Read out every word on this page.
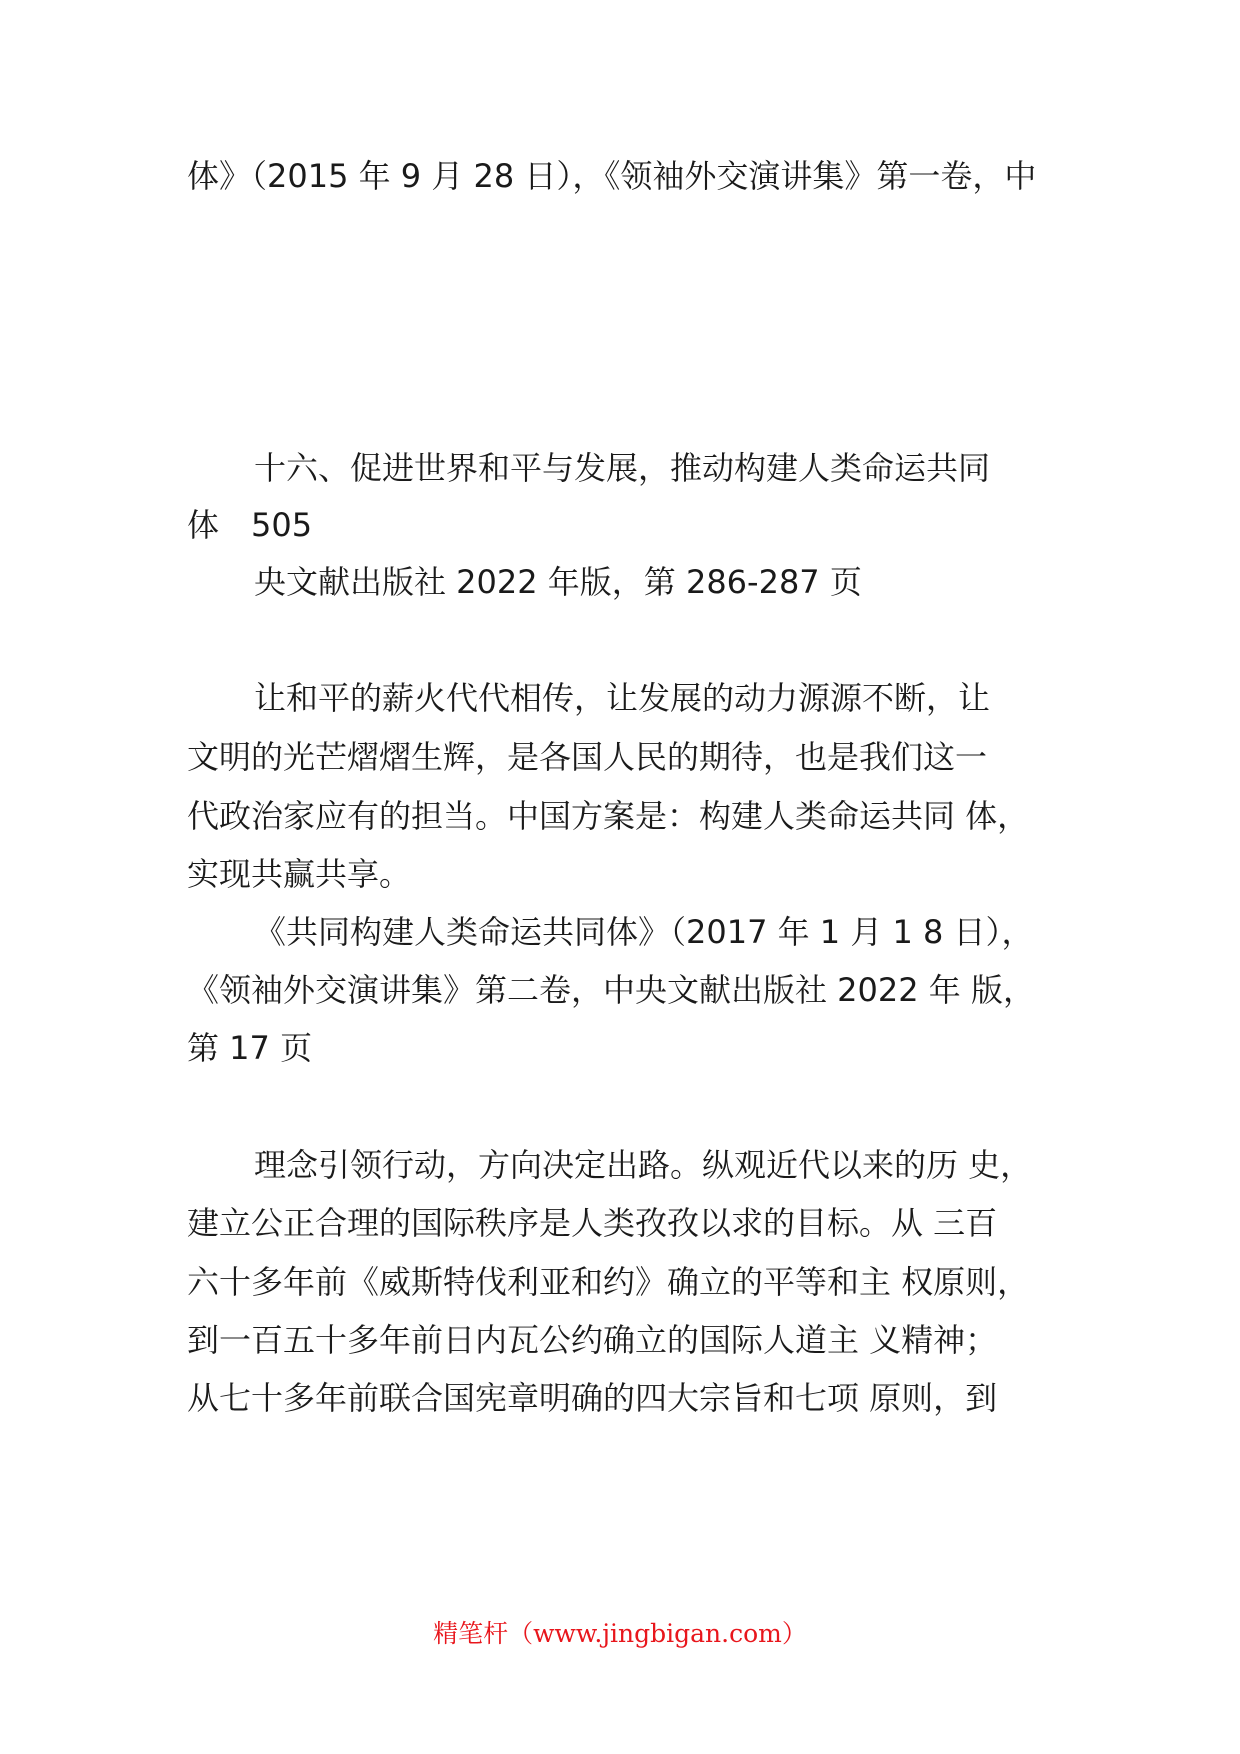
体》（2015 年 9 月 28 日），《领袖外交演讲集》第一卷，中
十六、促进世界和平与发展，推动构建人类命运共同
体　505
央文献出版社 2022 年版，第 286-287 页
让和平的薪火代代相传，让发展的动力源源不断，让
文明的光芒熠熠生辉，是各国人民的期待，也是我们这一
代政治家应有的担当。中国方案是：构建人类命运共同 体，
实现共赢共享。
《共同构建人类命运共同体》（2017 年 1 月 1 8 日），
《领袖外交演讲集》第二卷，中央文献出版社 2022 年 版，
第 17 页
理念引领行动，方向决定出路。纵观近代以来的历 史，
建立公正合理的国际秩序是人类孜孜以求的目标。从 三百
六十多年前《威斯特伐利亚和约》确立的平等和主 权原则，
到一百五十多年前日内瓦公约确立的国际人道主 义精神；
从七十多年前联合国宪章明确的四大宗旨和七项 原则，到
精笔杆（www.jingbigan.com）
